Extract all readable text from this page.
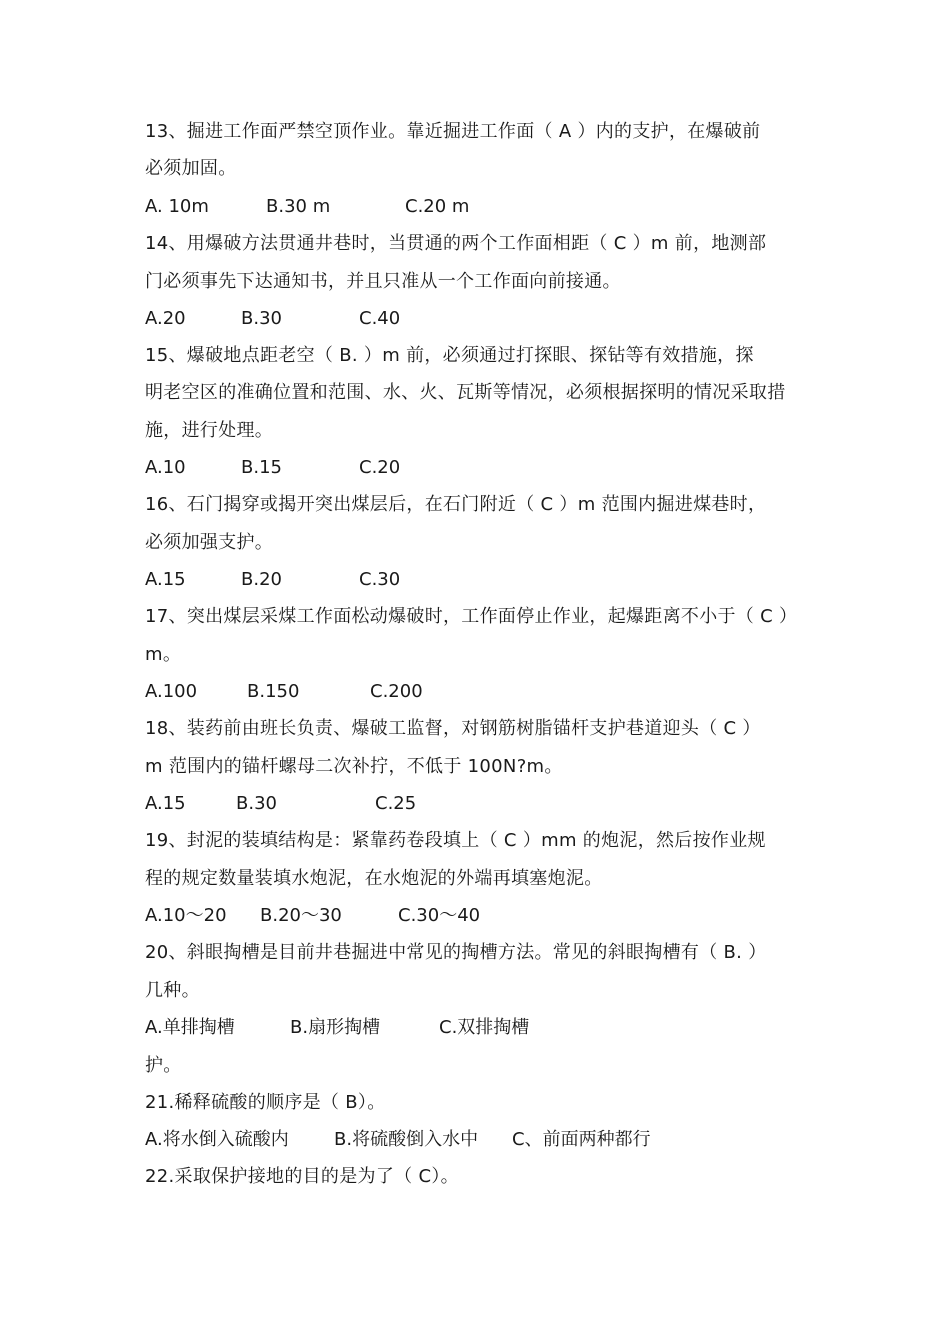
13、掘进工作面严禁空顶作业。靠近掘进工作面（ A ）内的支护，在爆破前
必须加固。
A. 10m	B.30 m	C.20 m
14、用爆破方法贯通井巷时，当贯通的两个工作面相距（ C ）m 前，地测部
门必须事先下达通知书，并且只准从一个工作面向前接通。
A.20	B.30	C.40
15、爆破地点距老空（ B. ）m 前，必须通过打探眼、探钻等有效措施，探
明老空区的准确位置和范围、水、火、瓦斯等情况，必须根据探明的情况采取措
施，进行处理。
A.10	B.15	C.20
16、石门揭穿或揭开突出煤层后，在石门附近（ C ）m 范围内掘进煤巷时，
必须加强支护。
A.15	B.20	C.30
17、突出煤层采煤工作面松动爆破时，工作面停止作业，起爆距离不小于（ C ）
m。
A.100	B.150	C.200
18、装药前由班长负责、爆破工监督，对钢筋树脂锚杆支护巷道迎头（ C ）
m 范围内的锚杆螺母二次补拧，不低于 100N?m。
A.15	B.30	C.25
19、封泥的装填结构是：紧靠药卷段填上（ C ）mm 的炮泥，然后按作业规
程的规定数量装填水炮泥，在水炮泥的外端再填塞炮泥。
A.10～20 B.20～30	C.30～40
20、斜眼掏槽是目前井巷掘进中常见的掏槽方法。常见的斜眼掏槽有（ B. ）
几种。
A.单排掏槽	B.扇形掏槽	C.双排掏槽
护。
21.稀释硫酸的顺序是（ B）。
A.将水倒入硫酸内	B.将硫酸倒入水中 C、前面两种都行
22.采取保护接地的目的是为了（ C）。
